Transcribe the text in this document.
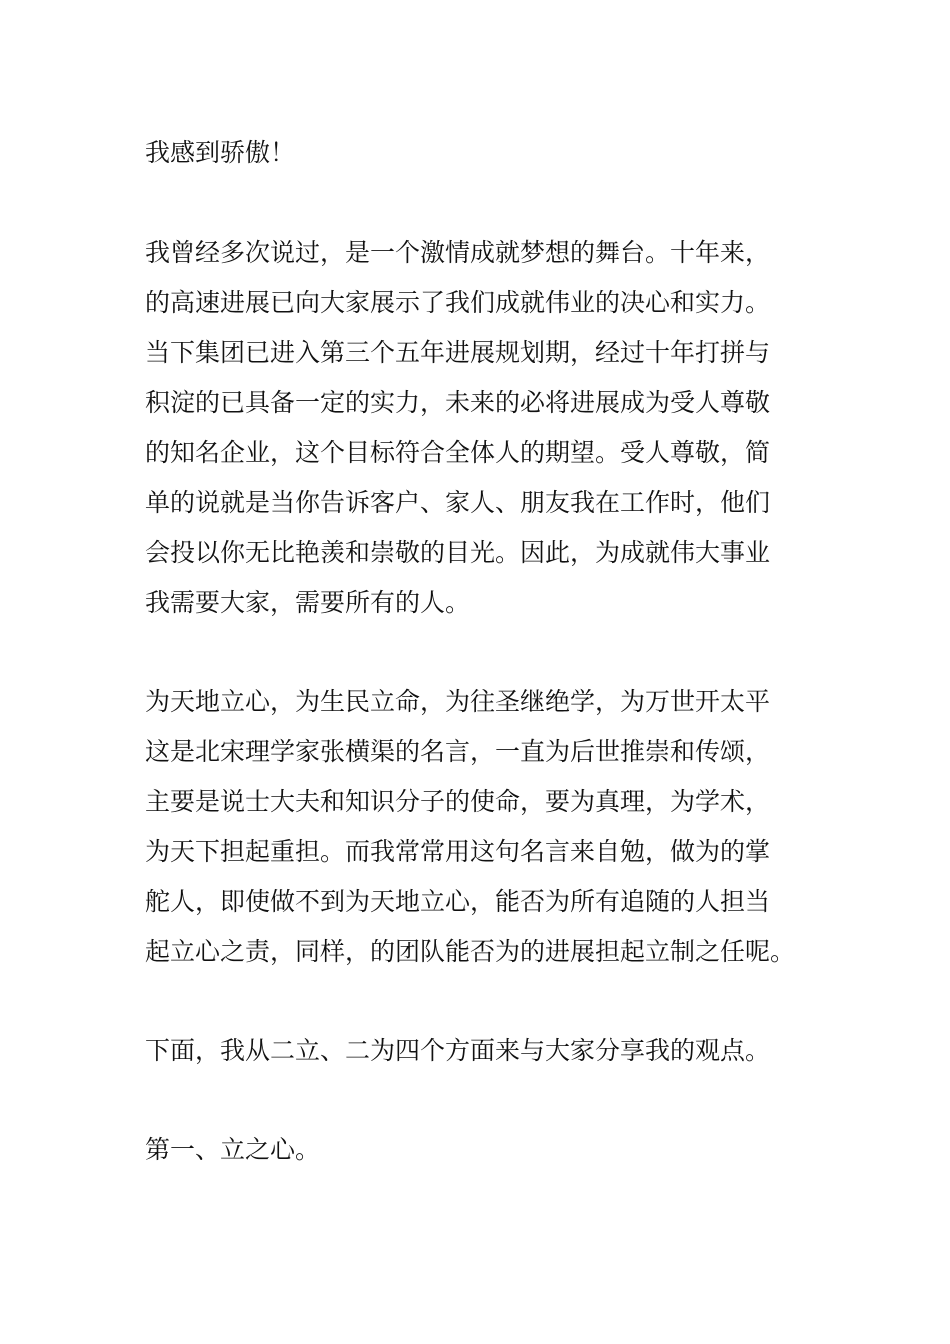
我感到骄傲！

我曾经多次说过，是一个激情成就梦想的舞台。十年来，
的高速进展已向大家展示了我们成就伟业的决心和实力。
当下集团已进入第三个五年进展规划期，经过十年打拼与
积淀的已具备一定的实力，未来的必将进展成为受人尊敬
的知名企业，这个目标符合全体人的期望。受人尊敬，简
单的说就是当你告诉客户、家人、朋友我在工作时，他们
会投以你无比艳羡和崇敬的目光。因此，为成就伟大事业
我需要大家，需要所有的人。

为天地立心，为生民立命，为往圣继绝学，为万世开太平
这是北宋理学家张横渠的名言，一直为后世推崇和传颂，
主要是说士大夫和知识分子的使命，要为真理，为学术，
为天下担起重担。而我常常用这句名言来自勉，做为的掌
舵人，即使做不到为天地立心，能否为所有追随的人担当
起立心之责，同样，的团队能否为的进展担起立制之任呢。

下面，我从二立、二为四个方面来与大家分享我的观点。

第一、立之心。
